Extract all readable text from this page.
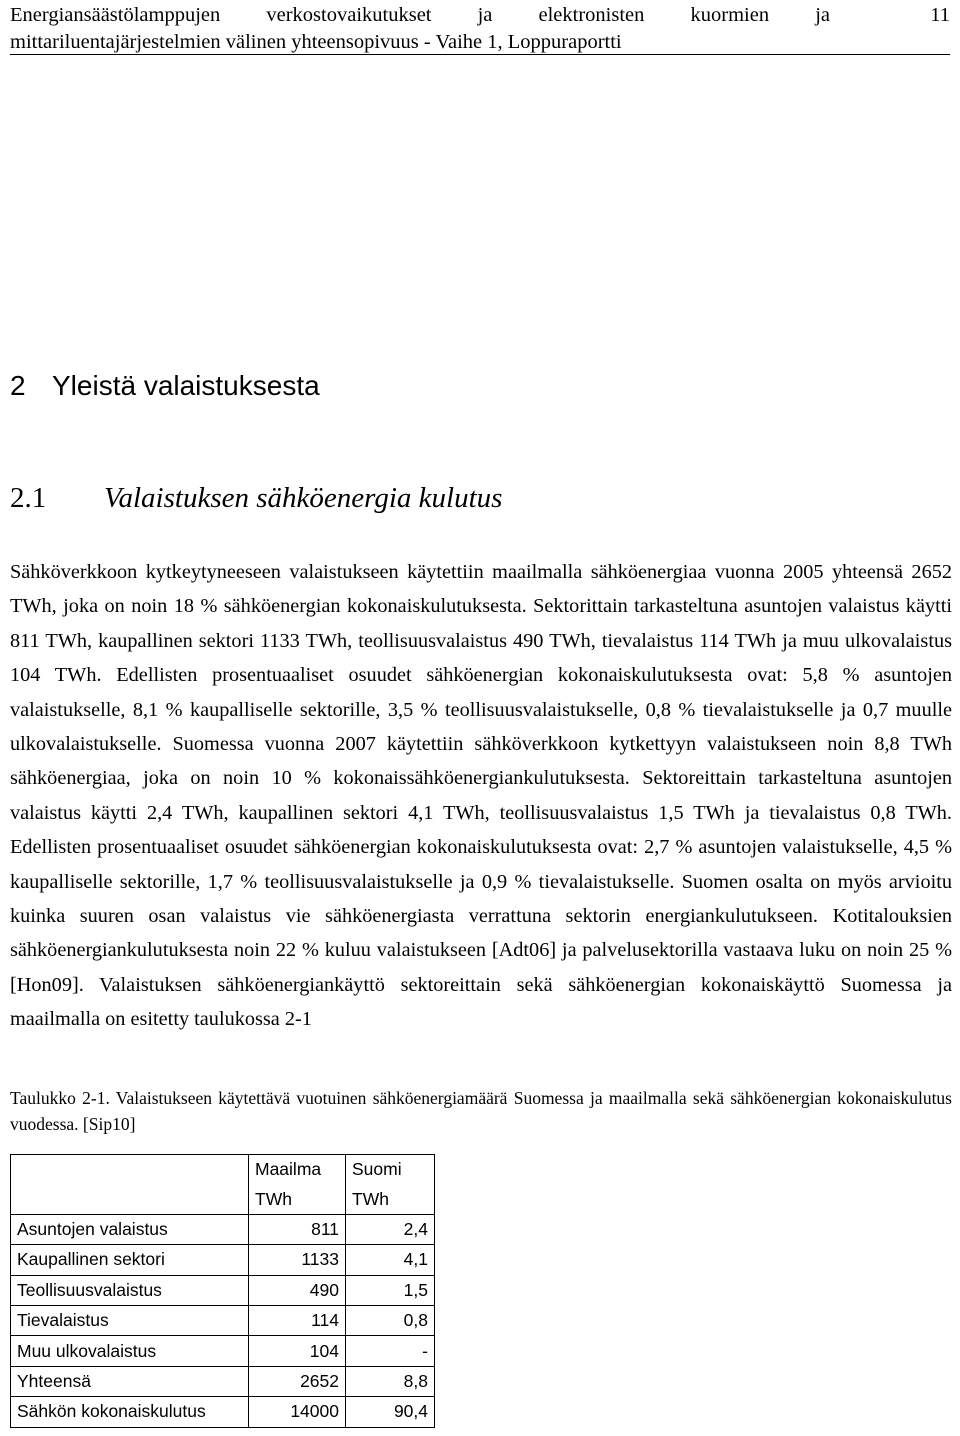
Energiansäästölamppujen verkostovaikutukset ja elektronisten kuormien ja	11
mittariluentajärjestelmien välinen yhteensopivuus - Vaihe 1, Loppuraportti
2 Yleistä valaistuksesta
2.1 Valaistuksen sähköenergia kulutus
Sähköverkkoon kytkeytyneeseen valaistukseen käytettiin maailmalla sähköenergiaa vuonna 2005 yhteensä 2652 TWh, joka on noin 18 % sähköenergian kokonaiskulutuksesta. Sektorittain tarkasteltuna asuntojen valaistus käytti 811 TWh, kaupallinen sektori 1133 TWh, teollisuusvalaistus 490 TWh, tievalaistus 114 TWh ja muu ulkovalaistus 104 TWh. Edellisten prosentuaaliset osuudet sähköenergian kokonaiskulutuksesta ovat: 5,8 % asuntojen valaistukselle, 8,1 % kaupalliselle sektorille, 3,5 % teollisuusvalaistukselle, 0,8 % tievalaistukselle ja 0,7 muulle ulkovalaistukselle. Suomessa vuonna 2007 käytettiin sähköverkkoon kytkettyyn valaistukseen noin 8,8 TWh sähköenergiaa, joka on noin 10 % kokonaissähköenergiankulutuksesta. Sektoreittain tarkasteltuna asuntojen valaistus käytti 2,4 TWh, kaupallinen sektori 4,1 TWh, teollisuusvalaistus 1,5 TWh ja tievalaistus 0,8 TWh. Edellisten prosentuaaliset osuudet sähköenergian kokonaiskulutuksesta ovat: 2,7 % asuntojen valaistukselle, 4,5 % kaupalliselle sektorille, 1,7 % teollisuusvalaistukselle ja 0,9 % tievalaistukselle. Suomen osalta on myös arvioitu kuinka suuren osan valaistus vie sähköenergiasta verrattuna sektorin energiankulutukseen. Kotitalouksien sähköenergiankulutuksesta noin 22 % kuluu valaistukseen [Adt06] ja palvelusektorilla vastaava luku on noin 25 % [Hon09]. Valaistuksen sähköenergiankäyttö sektoreittain sekä sähköenergian kokonaiskäyttö Suomessa ja maailmalla on esitetty taulukossa 2-1
Taulukko 2-1. Valaistukseen käytettävä vuotuinen sähköenergiamäärä Suomessa ja maailmalla sekä sähköenergian kokonaiskulutus vuodessa. [Sip10]
	Maailma	Suomi
	TWh	TWh
Asuntojen valaistus	811	2,4
Kaupallinen sektori	1133	4,1
Teollisuusvalaistus	490	1,5
Tievalaistus	114	0,8
Muu ulkovalaistus	104	-
Yhteensä	2652	8,8
Sähkön kokonaiskulutus	14000	90,4
